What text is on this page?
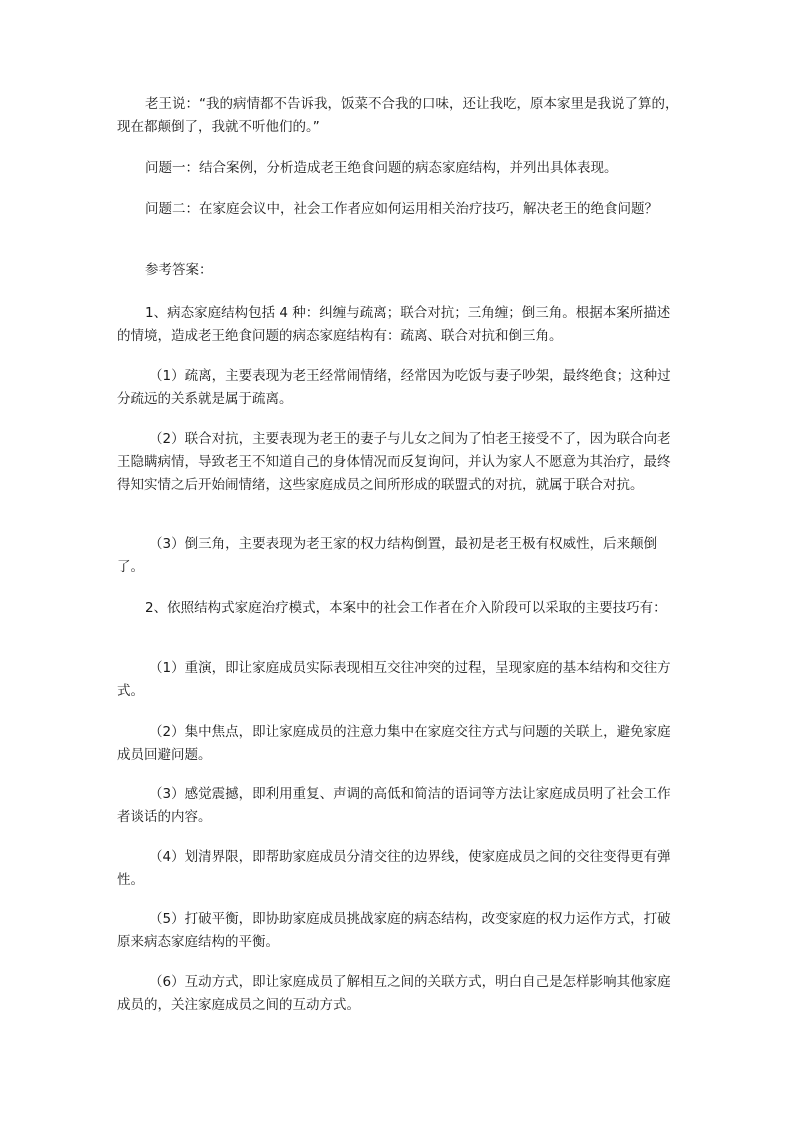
老王说：“我的病情都不告诉我，饭菜不合我的口味，还让我吃，原本家里是我说了算的，现在都颠倒了，我就不听他们的。”

问题一：结合案例，分析造成老王绝食问题的病态家庭结构，并列出具体表现。

问题二：在家庭会议中，社会工作者应如何运用相关治疗技巧，解决老王的绝食问题？

参考答案：

1、病态家庭结构包括 4 种：纠缠与疏离；联合对抗；三角缠；倒三角。根据本案所描述的情境，造成老王绝食问题的病态家庭结构有：疏离、联合对抗和倒三角。

（1）疏离，主要表现为老王经常闹情绪，经常因为吃饭与妻子吵架，最终绝食；这种过分疏远的关系就是属于疏离。

（2）联合对抗，主要表现为老王的妻子与儿女之间为了怕老王接受不了，因为联合向老王隐瞒病情，导致老王不知道自己的身体情况而反复询问，并认为家人不愿意为其治疗，最终得知实情之后开始闹情绪，这些家庭成员之间所形成的联盟式的对抗，就属于联合对抗。

（3）倒三角，主要表现为老王家的权力结构倒置，最初是老王极有权威性，后来颠倒了。

2、依照结构式家庭治疗模式，本案中的社会工作者在介入阶段可以采取的主要技巧有：

（1）重演，即让家庭成员实际表现相互交往冲突的过程，呈现家庭的基本结构和交往方式。

（2）集中焦点，即让家庭成员的注意力集中在家庭交往方式与问题的关联上，避免家庭成员回避问题。

（3）感觉震撼，即利用重复、声调的高低和简洁的语词等方法让家庭成员明了社会工作者谈话的内容。

（4）划清界限，即帮助家庭成员分清交往的边界线，使家庭成员之间的交往变得更有弹性。

（5）打破平衡，即协助家庭成员挑战家庭的病态结构，改变家庭的权力运作方式，打破原来病态家庭结构的平衡。

（6）互动方式，即让家庭成员了解相互之间的关联方式，明白自己是怎样影响其他家庭成员的，关注家庭成员之间的互动方式。
